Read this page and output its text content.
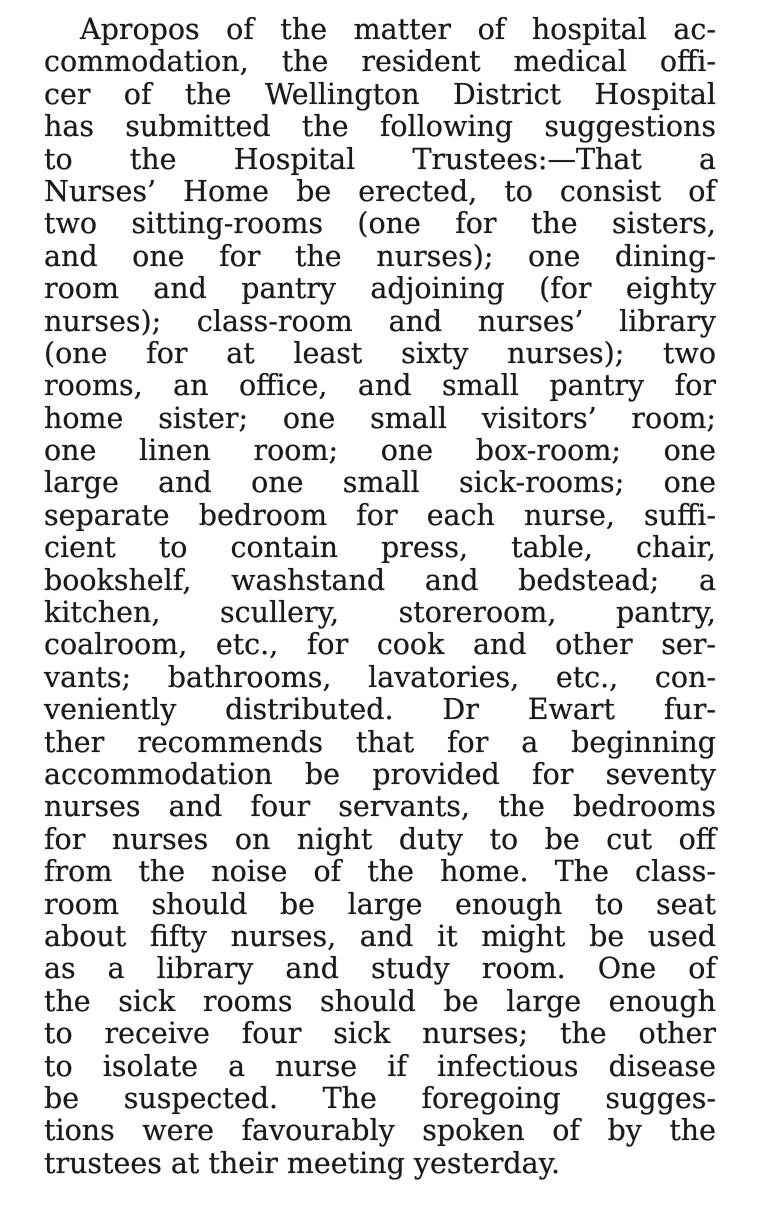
Apropos of the matter of hospital ac-
commodation, the resident medical offi-
cer of the Wellington District Hospital
has submitted the following suggestions
to the Hospital Trustees:—That a
Nurses’ Home be erected, to consist of
two sitting-rooms (one for the sisters,
and one for the nurses); one dining-
room and pantry adjoining (for eighty
nurses); class-room and nurses’ library
(one for at least sixty nurses); two
rooms, an office, and small pantry for
home sister; one small visitors’ room;
one linen room; one box-room; one
large and one small sick-rooms; one
separate bedroom for each nurse, suffi-
cient to contain press, table, chair,
bookshelf, washstand and bedstead; a
kitchen, scullery, storeroom, pantry,
coalroom, etc., for cook and other ser-
vants; bathrooms, lavatories, etc., con-
veniently distributed. Dr Ewart fur-
ther recommends that for a beginning
accommodation be provided for seventy
nurses and four servants, the bedrooms
for nurses on night duty to be cut off
from the noise of the home. The class-
room should be large enough to seat
about fifty nurses, and it might be used
as a library and study room. One of
the sick rooms should be large enough
to receive four sick nurses; the other
to isolate a nurse if infectious disease
be suspected. The foregoing sugges-
tions were favourably spoken of by the
trustees at their meeting yesterday.
